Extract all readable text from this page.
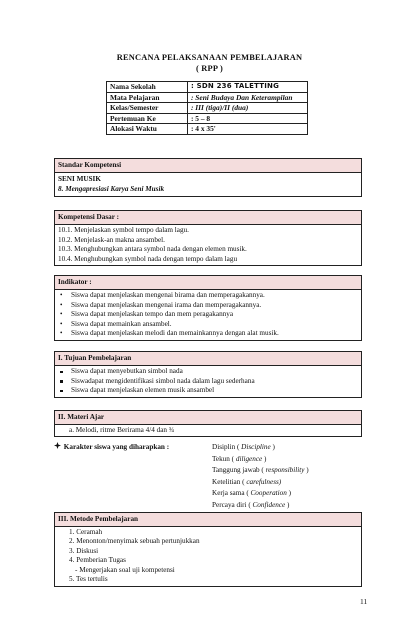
RENCANA PELAKSANAAN PEMBELAJARAN
( RPP )
Nama Sekolah	: SDN 236 TALETTING
Mata Pelajaran	: Seni Budaya Dan Keterampilan
Kelas/Semester	: III (tiga)/II (dua)
Pertemuan Ke	: 5 – 8
Alokasi Waktu	: 4 x 35'
Standar Kompetensi
SENI MUSIK
8. Mengapresiasi Karya Seni Musik
Kompetensi Dasar :
10.1. Menjelaskan symbol tempo dalam lagu.
10.2. Menjelask-an makna ansambel.
10.3. Menghubungkan antara symbol nada dengan elemen musik.
10.4. Menghubungkan symbol nada dengan tempo dalam lagu
Indikator :
• Siswa dapat menjelaskan mengenai birama dan memperagakannya.
• Siswa dapat menjelaskan mengenai irama dan memperagakannya.
• Siswa dapat menjelaskan tempo dan mem peragakannya
• Siswa dapat memainkan ansambel.
• Siswa dapat menjelaskan melodi dan memainkannya dengan alat musik.
I. Tujuan Pembelajaran
Siswa dapat menyebutkan simbol nada
Siswadapat mengidentifikasi simbol nada dalam lagu sederhana
Siswa dapat menjelaskan elemen musik ansambel
II. Materi Ajar
a. Melodi, ritme Berirama 4/4 dan ¾
Karakter siswa yang diharapkan :	Disiplin ( Discipline )
Tekun ( diligence )
Tanggung jawab ( responsibility )
Ketelitian ( carefulness)
Kerja sama ( Cooperation )
Percaya diri ( Confidence )
III. Metode Pembelajaran
1. Ceramah
2. Menonton/menyimak sebuah pertunjukkan
3. Diskusi
4. Pemberian Tugas
- Mengerjakan soal uji kompetensi
5. Tes tertulis
11
